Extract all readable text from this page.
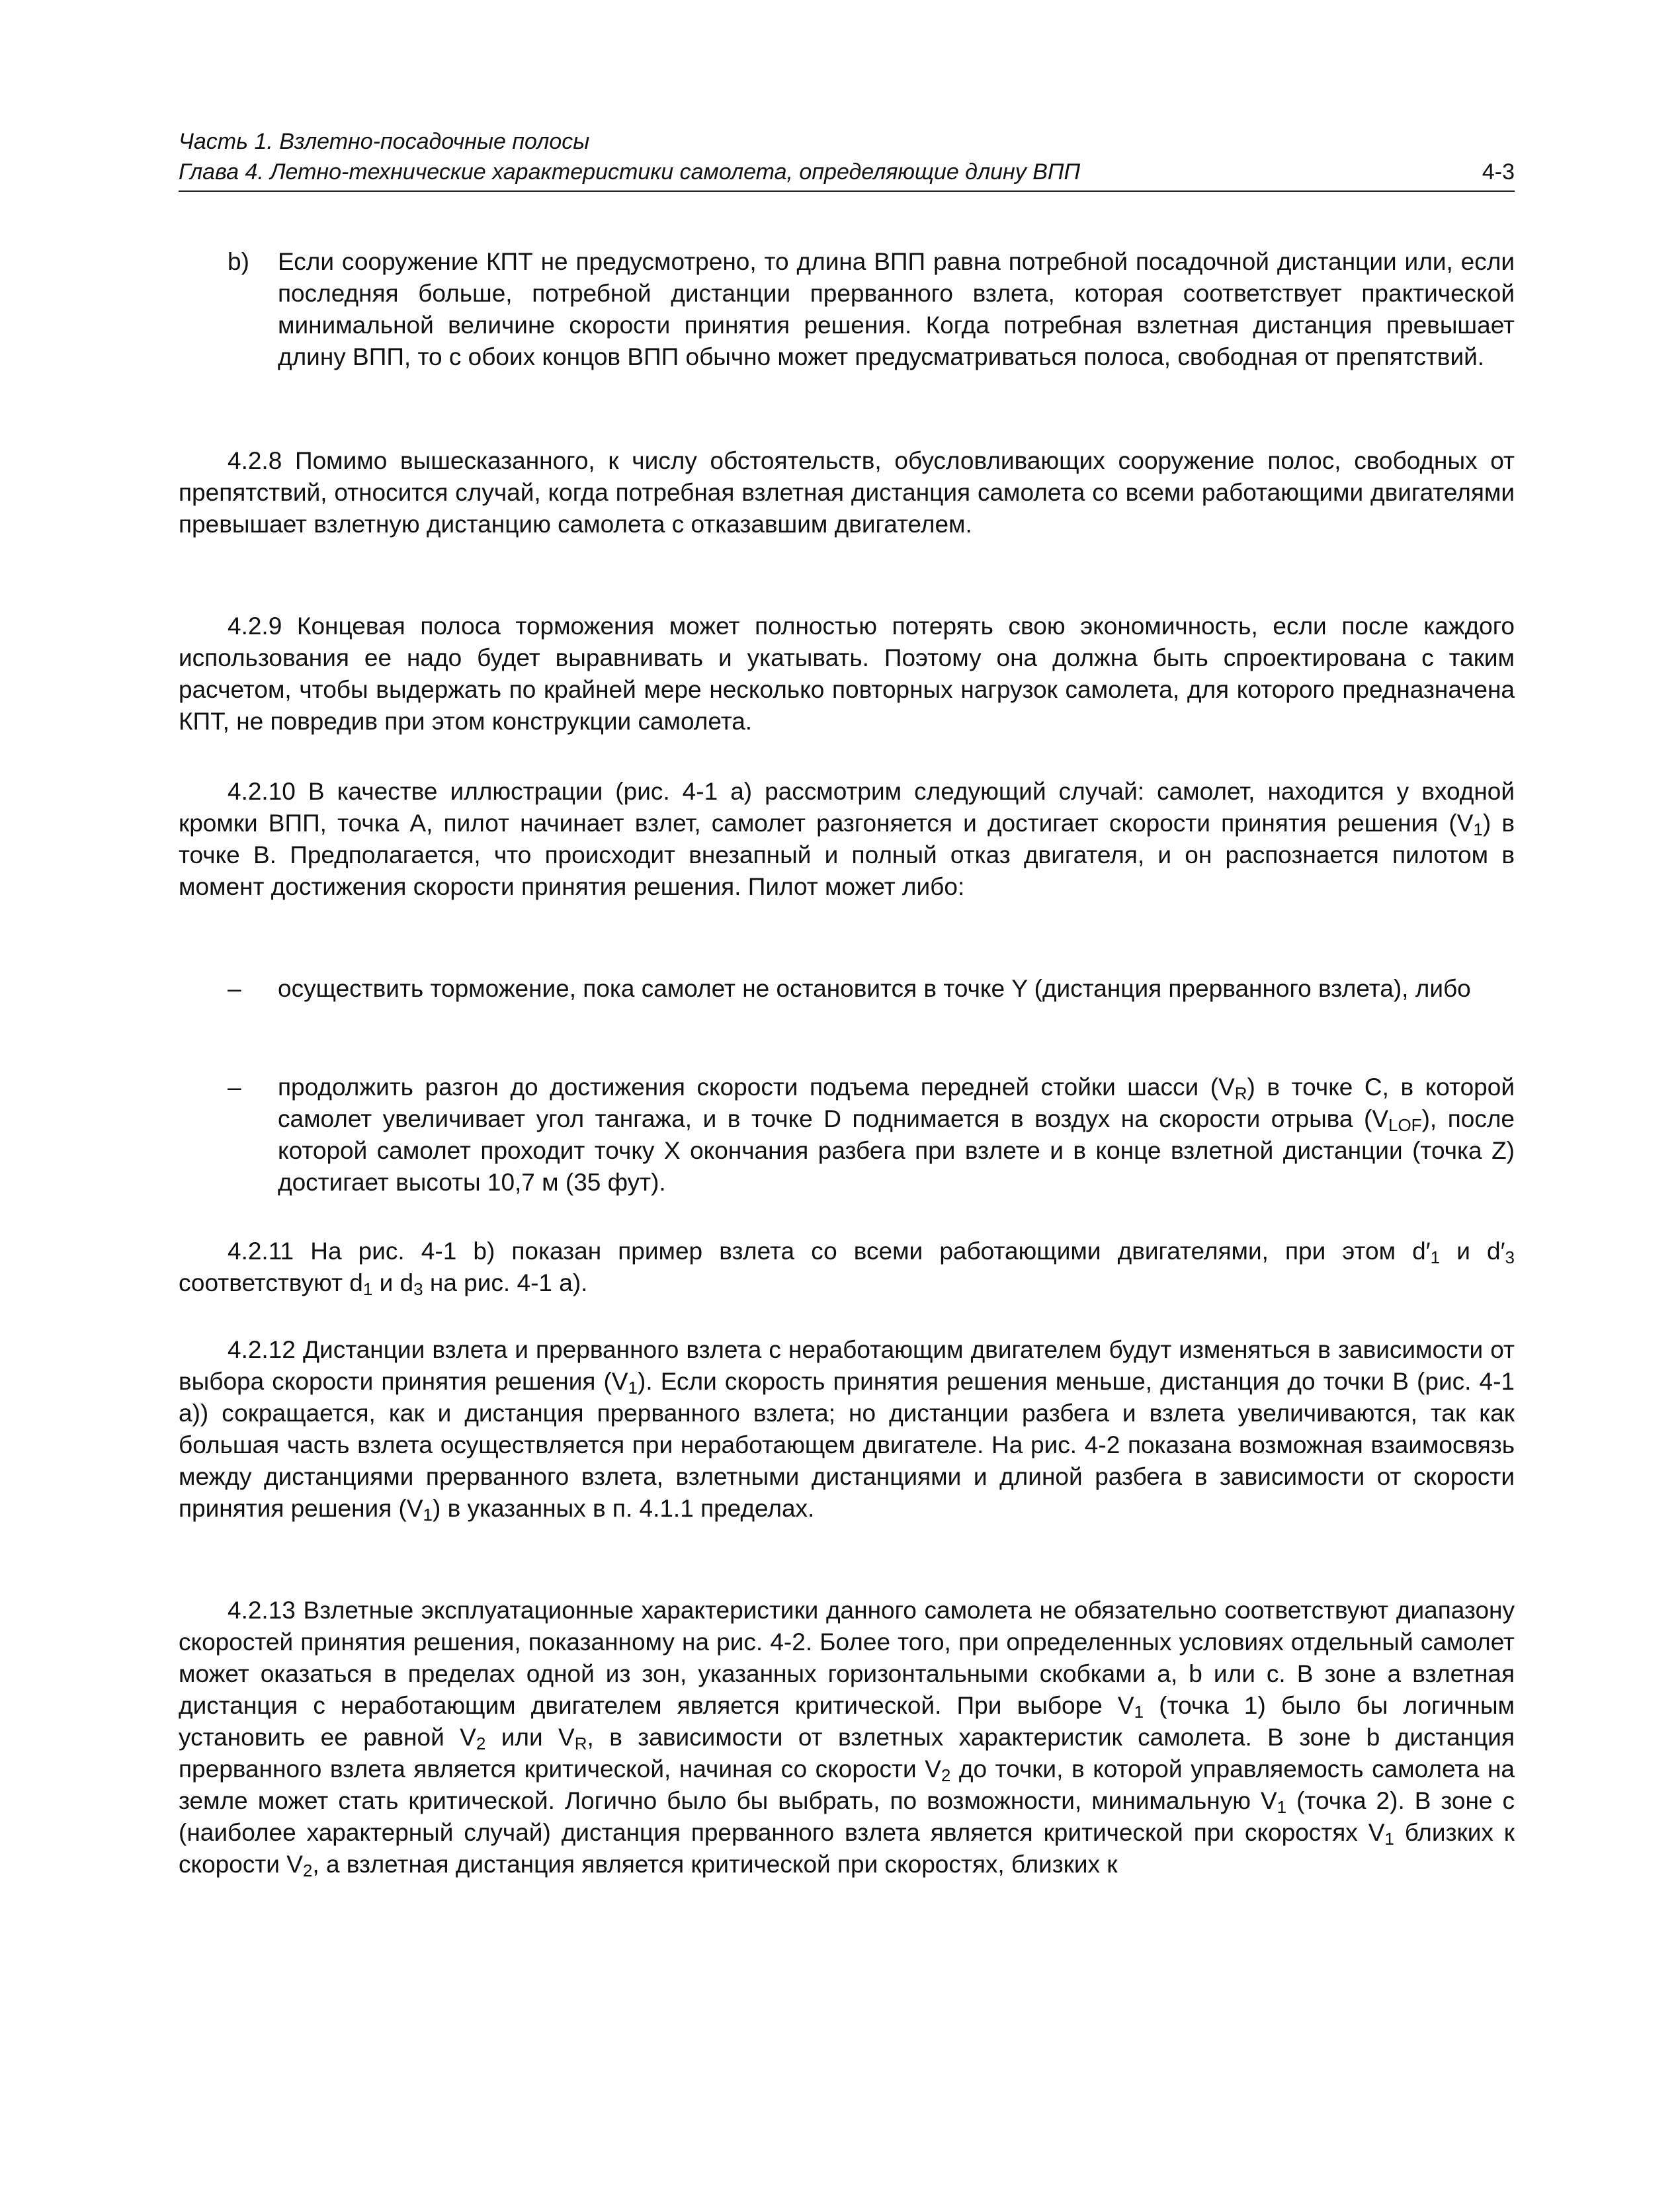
Часть 1. Взлетно-посадочные полосы
Глава 4. Летно-технические характеристики самолета, определяющие длину ВПП	4-3
b) Если сооружение КПТ не предусмотрено, то длина ВПП равна потребной посадочной дистанции или, если последняя больше, потребной дистанции прерванного взлета, которая соответствует практической минимальной величине скорости принятия решения. Когда потребная взлетная дистанция превышает длину ВПП, то с обоих концов ВПП обычно может предусматриваться полоса, свободная от препятствий.
4.2.8 Помимо вышесказанного, к числу обстоятельств, обусловливающих сооружение полос, свободных от препятствий, относится случай, когда потребная взлетная дистанция самолета со всеми работающими двигателями превышает взлетную дистанцию самолета с отказавшим двигателем.
4.2.9 Концевая полоса торможения может полностью потерять свою экономичность, если после каждого использования ее надо будет выравнивать и укатывать. Поэтому она должна быть спроектирована с таким расчетом, чтобы выдержать по крайней мере несколько повторных нагрузок самолета, для которого предназначена КПТ, не повредив при этом конструкции самолета.
4.2.10 В качестве иллюстрации (рис. 4-1 а) рассмотрим следующий случай: самолет, находится у входной кромки ВПП, точка А, пилот начинает взлет, самолет разгоняется и достигает скорости принятия решения $(V_1)$ в точке В. Предполагается, что происходит внезапный и полный отказ двигателя, и он распознается пилотом в момент достижения скорости принятия решения. Пилот может либо:
– осуществить торможение, пока самолет не остановится в точке Y (дистанция прерванного взлета), либо
– продолжить разгон до достижения скорости подъема передней стойки шасси $(V_R)$ в точке С, в которой самолет увеличивает угол тангажа, и в точке D поднимается в воздух на скорости отрыва $(V_{LOF})$, после которой самолет проходит точку Х окончания разбега при взлете и в конце взлетной дистанции (точка Z) достигает высоты 10,7 м (35 фут).
4.2.11 На рис. 4-1 b) показан пример взлета со всеми работающими двигателями, при этом $d'_1$ и $d'_3$ соответствуют $d_1$ и $d_3$ на рис. 4-1 а).
4.2.12 Дистанции взлета и прерванного взлета с неработающим двигателем будут изменяться в зависимости от выбора скорости принятия решения $(V_1)$. Если скорость принятия решения меньше, дистанция до точки В (рис. 4-1 а)) сокращается, как и дистанция прерванного взлета; но дистанции разбега и взлета увеличиваются, так как большая часть взлета осуществляется при неработающем двигателе. На рис. 4-2 показана возможная взаимосвязь между дистанциями прерванного взлета, взлетными дистанциями и длиной разбега в зависимости от скорости принятия решения $(V_1)$ в указанных в п. 4.1.1 пределах.
4.2.13 Взлетные эксплуатационные характеристики данного самолета не обязательно соответствуют диапазону скоростей принятия решения, показанному на рис. 4-2. Более того, при определенных условиях отдельный самолет может оказаться в пределах одной из зон, указанных горизонтальными скобками а, b или с. В зоне а взлетная дистанция с неработающим двигателем является критической. При выборе $V_1$ (точка 1) было бы логичным установить ее равной $V_2$ или $V_R$, в зависимости от взлетных характеристик самолета. В зоне b дистанция прерванного взлета является критической, начиная со скорости $V_2$ до точки, в которой управляемость самолета на земле может стать критической. Логично было бы выбрать, по возможности, минимальную $V_1$ (точка 2). В зоне с (наиболее характерный случай) дистанция прерванного взлета является критической при скоростях $V_1$ близких к скорости $V_2$, а взлетная дистанция является критической при скоростях, близких к
